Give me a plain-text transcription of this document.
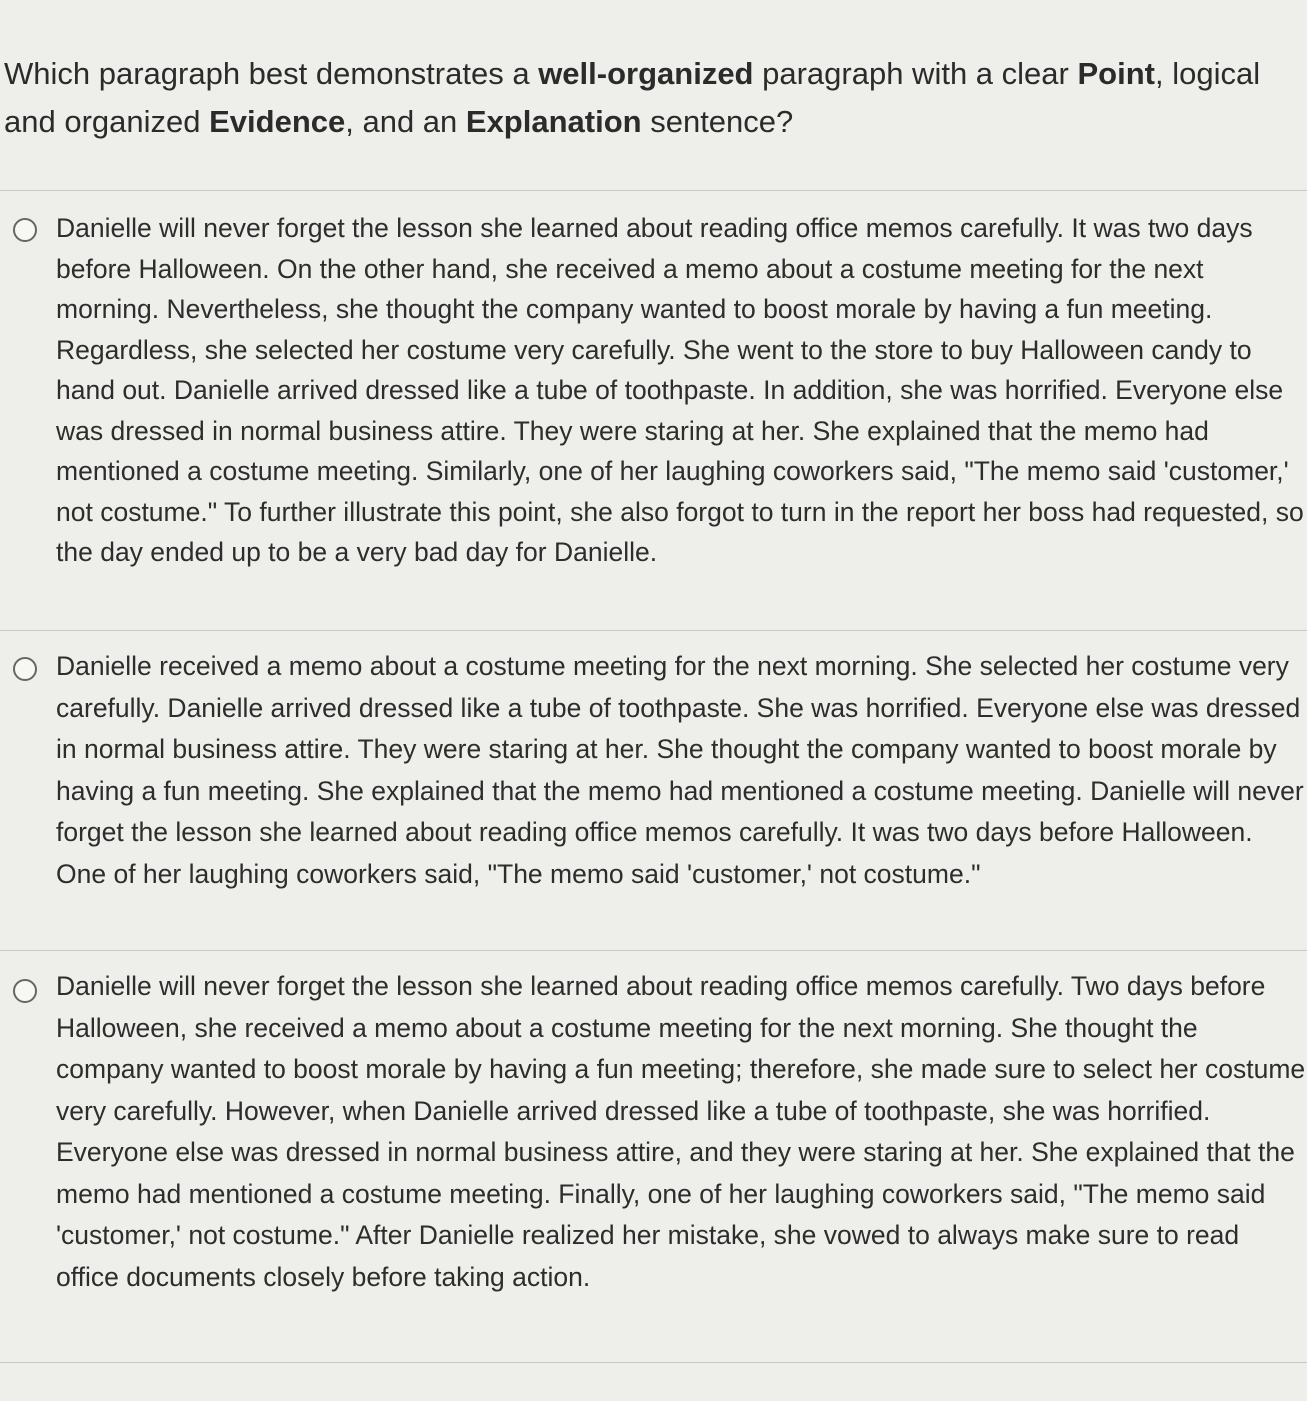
Which paragraph best demonstrates a well-organized paragraph with a clear Point, logical and organized Evidence, and an Explanation sentence?
Danielle will never forget the lesson she learned about reading office memos carefully. It was two days before Halloween. On the other hand, she received a memo about a costume meeting for the next morning. Nevertheless, she thought the company wanted to boost morale by having a fun meeting. Regardless, she selected her costume very carefully. She went to the store to buy Halloween candy to hand out. Danielle arrived dressed like a tube of toothpaste. In addition, she was horrified. Everyone else was dressed in normal business attire. They were staring at her. She explained that the memo had mentioned a costume meeting. Similarly, one of her laughing coworkers said, "The memo said 'customer,' not costume." To further illustrate this point, she also forgot to turn in the report her boss had requested, so the day ended up to be a very bad day for Danielle.
Danielle received a memo about a costume meeting for the next morning. She selected her costume very carefully. Danielle arrived dressed like a tube of toothpaste. She was horrified. Everyone else was dressed in normal business attire. They were staring at her. She thought the company wanted to boost morale by having a fun meeting. She explained that the memo had mentioned a costume meeting. Danielle will never forget the lesson she learned about reading office memos carefully. It was two days before Halloween. One of her laughing coworkers said, "The memo said 'customer,' not costume."
Danielle will never forget the lesson she learned about reading office memos carefully. Two days before Halloween, she received a memo about a costume meeting for the next morning. She thought the company wanted to boost morale by having a fun meeting; therefore, she made sure to select her costume very carefully. However, when Danielle arrived dressed like a tube of toothpaste, she was horrified. Everyone else was dressed in normal business attire, and they were staring at her. She explained that the memo had mentioned a costume meeting. Finally, one of her laughing coworkers said, "The memo said 'customer,' not costume." After Danielle realized her mistake, she vowed to always make sure to read office documents closely before taking action.
